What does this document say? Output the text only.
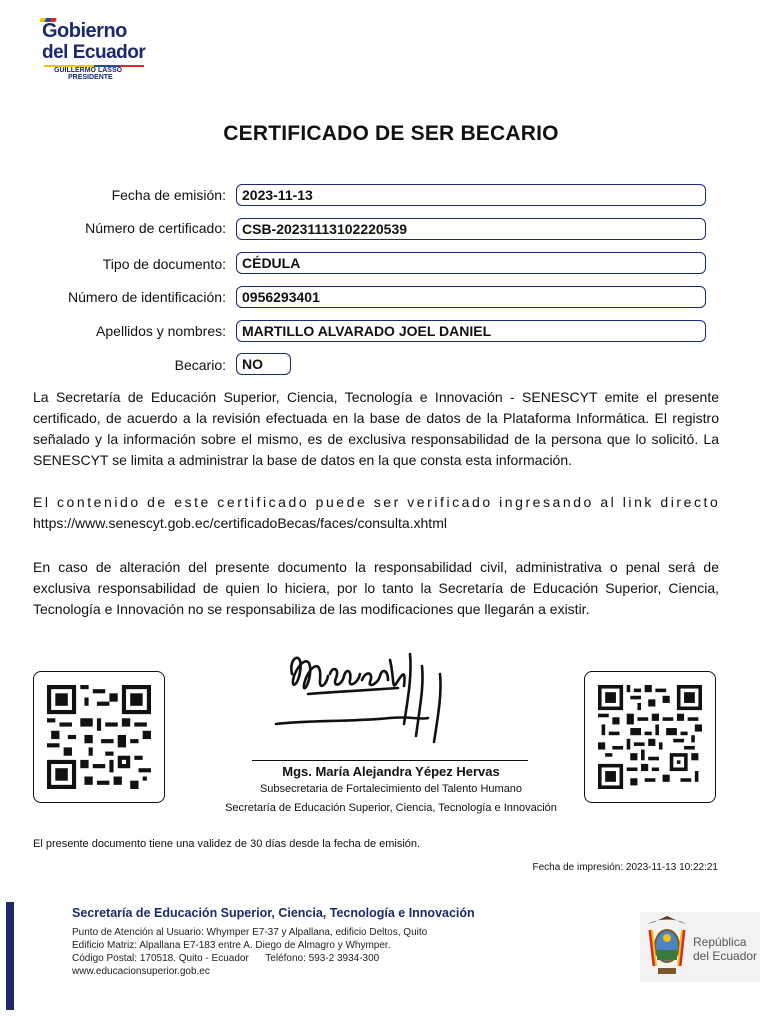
Gobierno
del Ecuador
GUILLERMO LASSO
PRESIDENTE
CERTIFICADO DE SER BECARIO
Fecha de emisión:	2023-11-13
Número de certificado:	CSB-20231113102220539
Tipo de documento:	CÉDULA
Número de identificación:	0956293401
Apellidos y nombres:	MARTILLO ALVARADO JOEL DANIEL
Becario:	NO
La Secretaría de Educación Superior, Ciencia, Tecnología e Innovación - SENESCYT emite el presente certificado, de acuerdo a la revisión efectuada en la base de datos de la Plataforma Informática. El registro señalado y la información sobre el mismo, es de exclusiva responsabilidad de la persona que lo solicitó. La SENESCYT se limita a administrar la base de datos en la que consta esta información.
El contenido de este certificado puede ser verificado ingresando al link directo
https://www.senescyt.gob.ec/certificadoBecas/faces/consulta.xhtml
En caso de alteración del presente documento la responsabilidad civil, administrativa o penal será de exclusiva responsabilidad de quien lo hiciera, por lo tanto la Secretaría de Educación Superior, Ciencia, Tecnología e Innovación no se responsabiliza de las modificaciones que llegarán a existir.
Mgs. María Alejandra Yépez Hervas
Subsecretaria de Fortalecimiento del Talento Humano
Secretaría de Educación Superior, Ciencia, Tecnología e Innovación
El presente documento tiene una validez de 30 días desde la fecha de emisión.
Fecha de impresión: 2023-11-13 10:22:21
Secretaría de Educación Superior, Ciencia, Tecnología e Innovación
Punto de Atención al Usuario: Whymper E7-37 y Alpallana, edificio Deltos, Quito
Edificio Matriz: Alpallana E7-183 entre A. Diego de Almagro y Whymper.
Código Postal: 170518. Quito - Ecuador      Teléfono: 593-2 3934-300
www.educacionsuperior.gob.ec
República
del Ecuador
